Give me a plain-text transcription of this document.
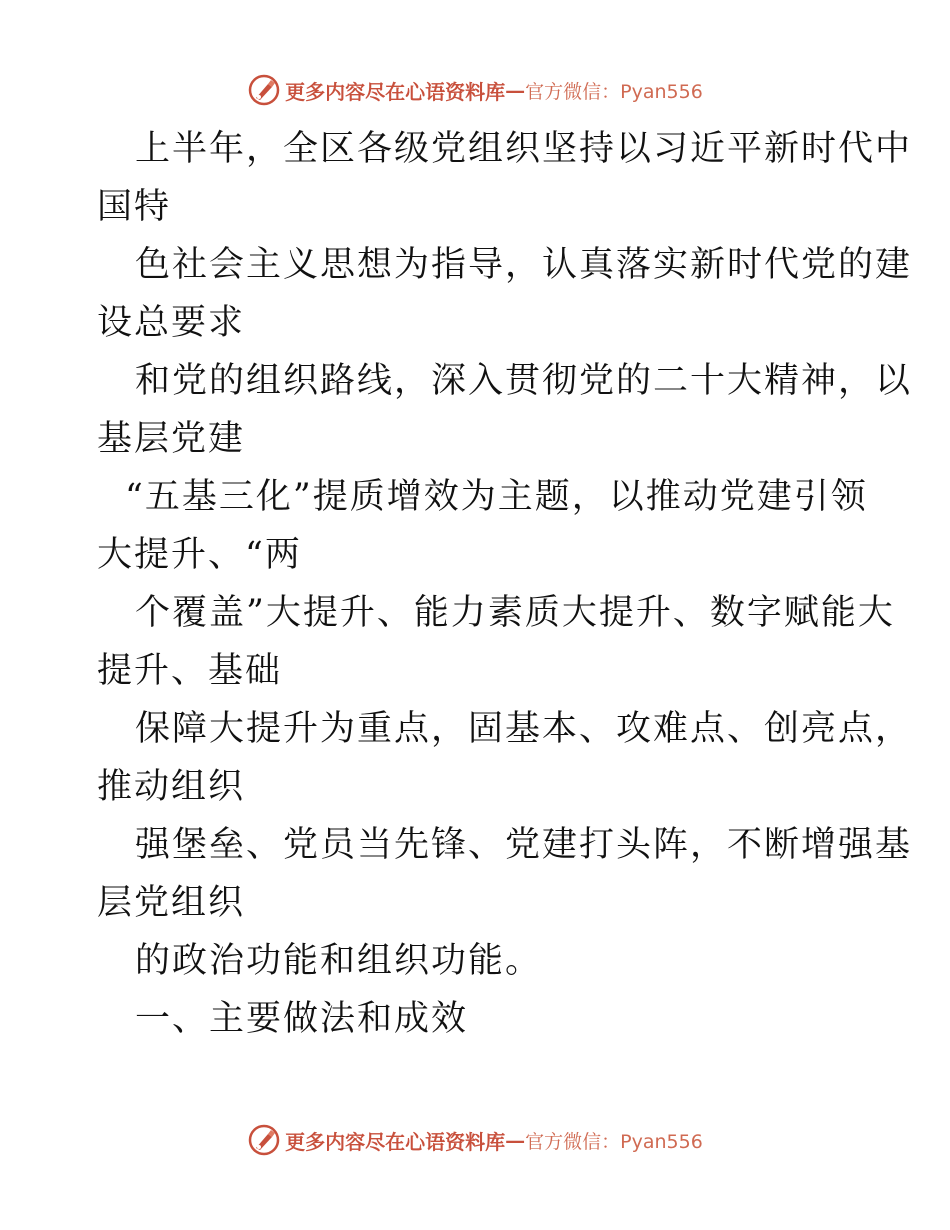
更多内容尽在心语资料库 — 官方微信：Pyan556
上半年，全区各级党组织坚持以习近平新时代中
国特
色社会主义思想为指导，认真落实新时代党的建
设总要求
和党的组织路线，深入贯彻党的二十大精神，以
基层党建
“五基三化”提质增效为主题，以推动党建引领
大提升、“两
个覆盖”大提升、能力素质大提升、数字赋能大
提升、基础
保障大提升为重点，固基本、攻难点、创亮点，
推动组织
强堡垒、党员当先锋、党建打头阵，不断增强基
层党组织
的政治功能和组织功能。
一、主要做法和成效
更多内容尽在心语资料库 — 官方微信：Pyan556
